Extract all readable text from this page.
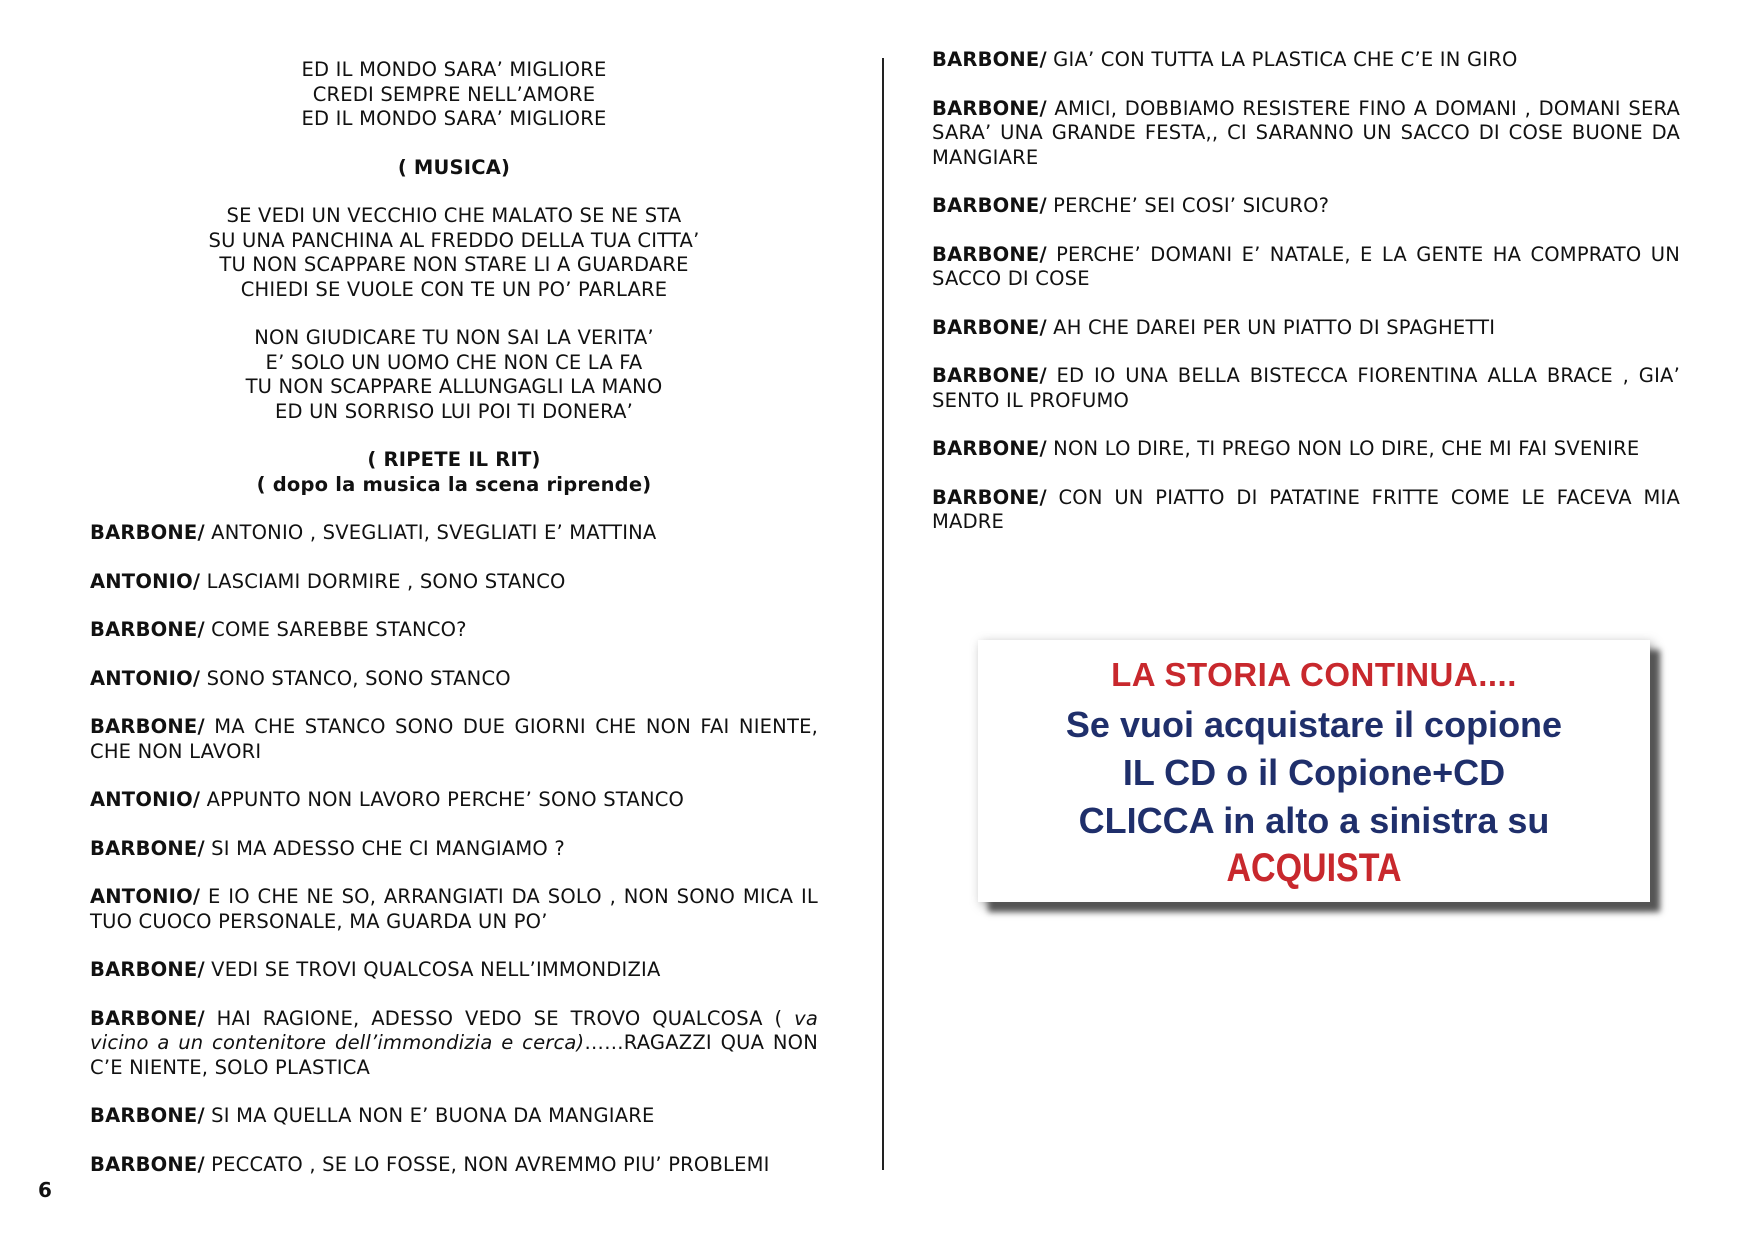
ED IL MONDO SARA’ MIGLIORE
CREDI SEMPRE NELL’AMORE
ED IL MONDO SARA’ MIGLIORE
( MUSICA)
SE VEDI UN VECCHIO CHE MALATO SE NE STA
SU UNA PANCHINA AL FREDDO DELLA TUA CITTA’
TU NON SCAPPARE NON STARE LI A GUARDARE
CHIEDI SE VUOLE CON TE UN PO’ PARLARE
NON GIUDICARE TU NON SAI LA VERITA’
E’ SOLO UN UOMO CHE NON CE LA FA
TU NON SCAPPARE ALLUNGAGLI LA MANO
ED UN SORRISO LUI POI TI DONERA’
( RIPETE IL RIT)
( dopo la musica la scena riprende)

BARBONE/ ANTONIO , SVEGLIATI, SVEGLIATI E’ MATTINA

ANTONIO/ LASCIAMI DORMIRE , SONO STANCO

BARBONE/ COME SAREBBE STANCO?

ANTONIO/ SONO STANCO, SONO STANCO

BARBONE/ MA CHE STANCO SONO DUE GIORNI CHE NON FAI NIENTE, CHE NON LAVORI

ANTONIO/ APPUNTO NON LAVORO PERCHE’ SONO STANCO

BARBONE/ SI MA ADESSO CHE CI MANGIAMO ?

ANTONIO/ E IO CHE NE SO, ARRANGIATI DA SOLO , NON SONO MICA IL TUO CUOCO PERSONALE, MA GUARDA UN PO’

BARBONE/ VEDI SE TROVI QUALCOSA NELL’IMMONDIZIA

BARBONE/ HAI RAGIONE, ADESSO VEDO SE TROVO QUALCOSA ( va vicino a un contenitore dell’immondizia e cerca)……RAGAZZI QUA NON C’E NIENTE, SOLO PLASTICA

BARBONE/ SI MA QUELLA NON E’ BUONA DA MANGIARE

BARBONE/ PECCATO , SE LO FOSSE, NON AVREMMO PIU’ PROBLEMI

BARBONE/ GIA’ CON TUTTA LA PLASTICA CHE C’E IN GIRO

BARBONE/ AMICI, DOBBIAMO RESISTERE FINO A DOMANI , DOMANI SERA SARA’ UNA GRANDE FESTA,, CI SARANNO UN SACCO DI COSE BUONE DA MANGIARE

BARBONE/ PERCHE’ SEI COSI’ SICURO?

BARBONE/ PERCHE’ DOMANI E’ NATALE, E LA GENTE HA COMPRATO UN SACCO DI COSE

BARBONE/ AH CHE DAREI PER UN PIATTO DI SPAGHETTI

BARBONE/ ED IO UNA BELLA BISTECCA FIORENTINA ALLA BRACE , GIA’ SENTO IL PROFUMO

BARBONE/ NON LO DIRE, TI PREGO NON LO DIRE, CHE MI FAI SVENIRE

BARBONE/ CON UN PIATTO DI PATATINE FRITTE COME LE FACEVA MIA MADRE

LA STORIA CONTINUA....
Se vuoi acquistare il copione
IL CD o il Copione+CD
CLICCA in alto a sinistra su
ACQUISTA
6
